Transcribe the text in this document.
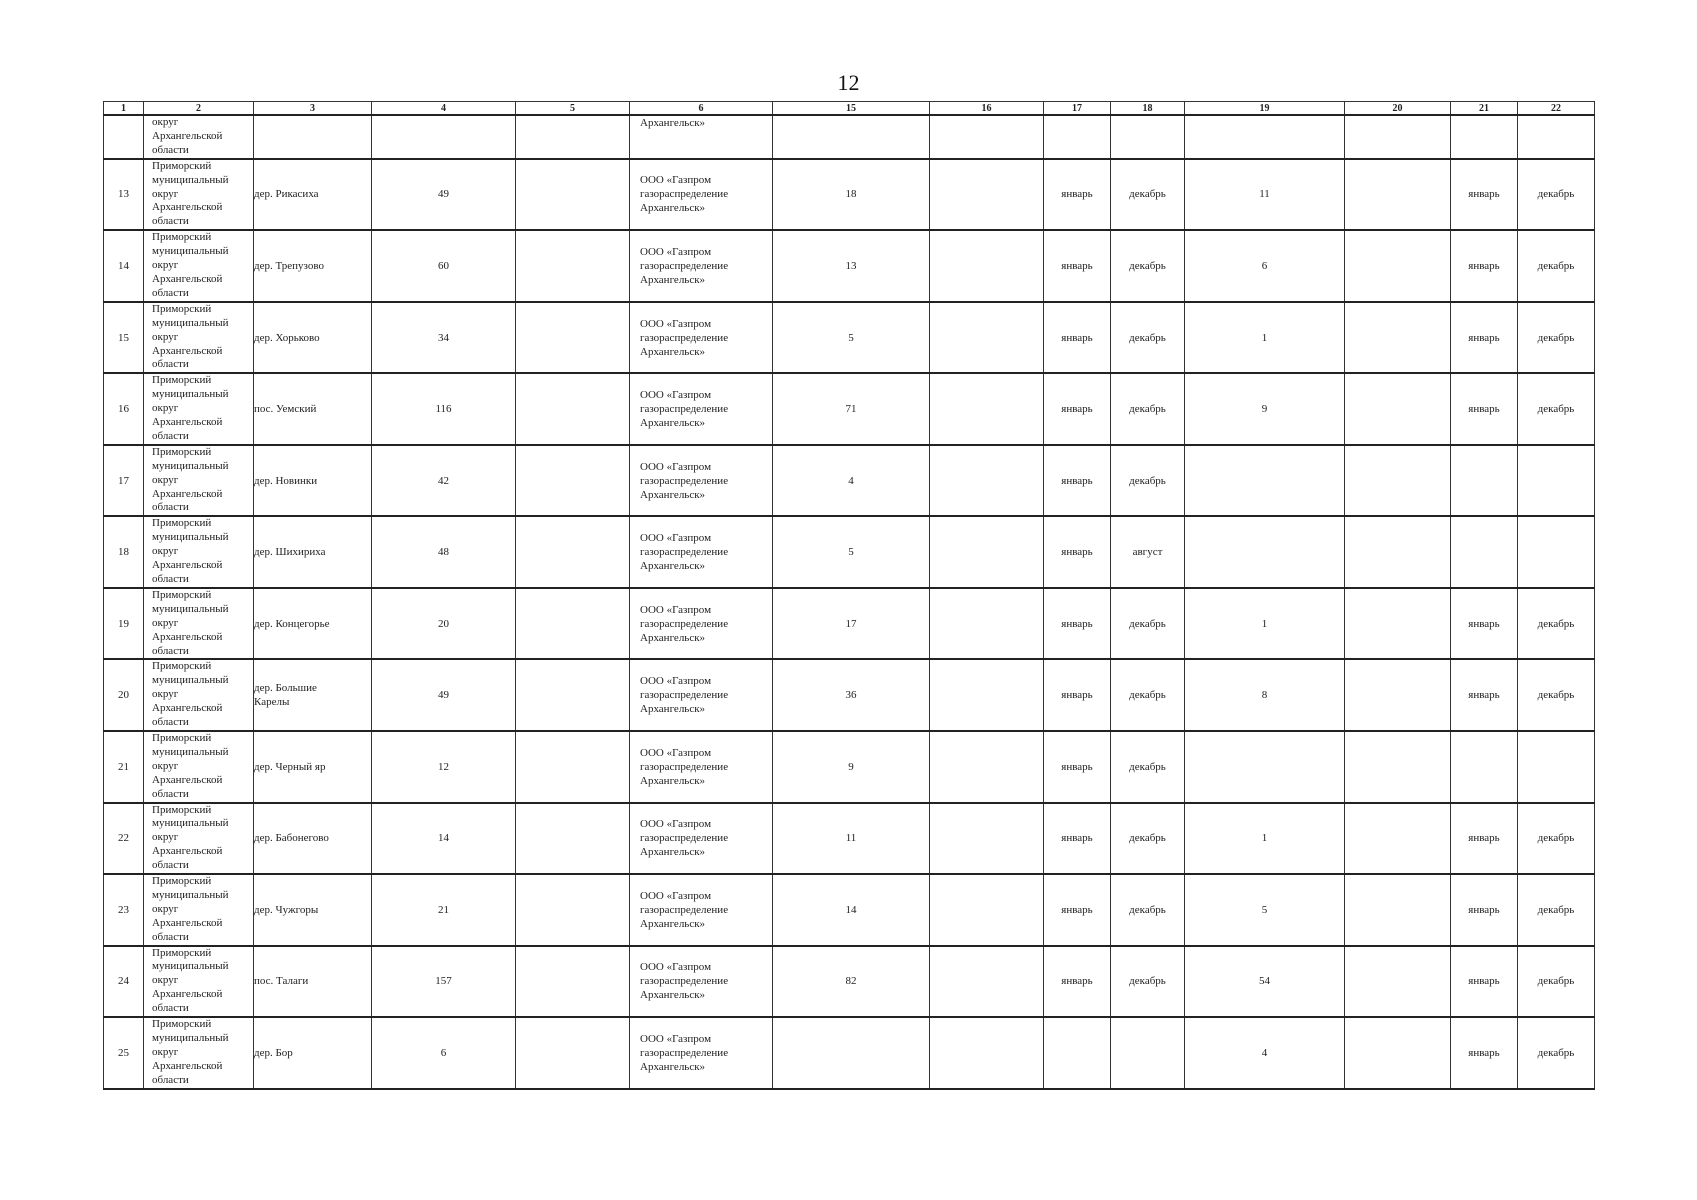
12
1	2	3	4	5	6	15	16	17	18	19	20	21	22

	округ
Архангельской
области				Архангельск»								

13	Приморский
муниципальный
округ
Архангельской
области	дер. Рикасиха	49		ООО «Газпром
газораспределение
Архангельск»	18		январь	декабрь	11		январь	декабрь
14	Приморский
муниципальный
округ
Архангельской
области	дер. Трепузово	60		ООО «Газпром
газораспределение
Архангельск»	13		январь	декабрь	6		январь	декабрь
15	Приморский
муниципальный
округ
Архангельской
области	дер. Хорьково	34		ООО «Газпром
газораспределение
Архангельск»	5		январь	декабрь	1		январь	декабрь
16	Приморский
муниципальный
округ
Архангельской
области	пос. Уемский	116		ООО «Газпром
газораспределение
Архангельск»	71		январь	декабрь	9		январь	декабрь
17	Приморский
муниципальный
округ
Архангельской
области	дер. Новинки	42		ООО «Газпром
газораспределение
Архангельск»	4		январь	декабрь				
18	Приморский
муниципальный
округ
Архангельской
области	дер. Шихириха	48		ООО «Газпром
газораспределение
Архангельск»	5		январь	август				
19	Приморский
муниципальный
округ
Архангельской
области	дер. Концегорье	20		ООО «Газпром
газораспределение
Архангельск»	17		январь	декабрь	1		январь	декабрь
20	Приморский
муниципальный
округ
Архангельской
области	дер. Большие
Карелы	49		ООО «Газпром
газораспределение
Архангельск»	36		январь	декабрь	8		январь	декабрь
21	Приморский
муниципальный
округ
Архангельской
области	дер. Черный яр	12		ООО «Газпром
газораспределение
Архангельск»	9		январь	декабрь				
22	Приморский
муниципальный
округ
Архангельской
области	дер. Бабонегово	14		ООО «Газпром
газораспределение
Архангельск»	11		январь	декабрь	1		январь	декабрь
23	Приморский
муниципальный
округ
Архангельской
области	дер. Чужгоры	21		ООО «Газпром
газораспределение
Архангельск»	14		январь	декабрь	5		январь	декабрь
24	Приморский
муниципальный
округ
Архангельской
области	пос. Талаги	157		ООО «Газпром
газораспределение
Архангельск»	82		январь	декабрь	54		январь	декабрь
25	Приморский
муниципальный
округ
Архангельской
области	дер. Бор	6		ООО «Газпром
газораспределение
Архангельск»					4		январь	декабрь
